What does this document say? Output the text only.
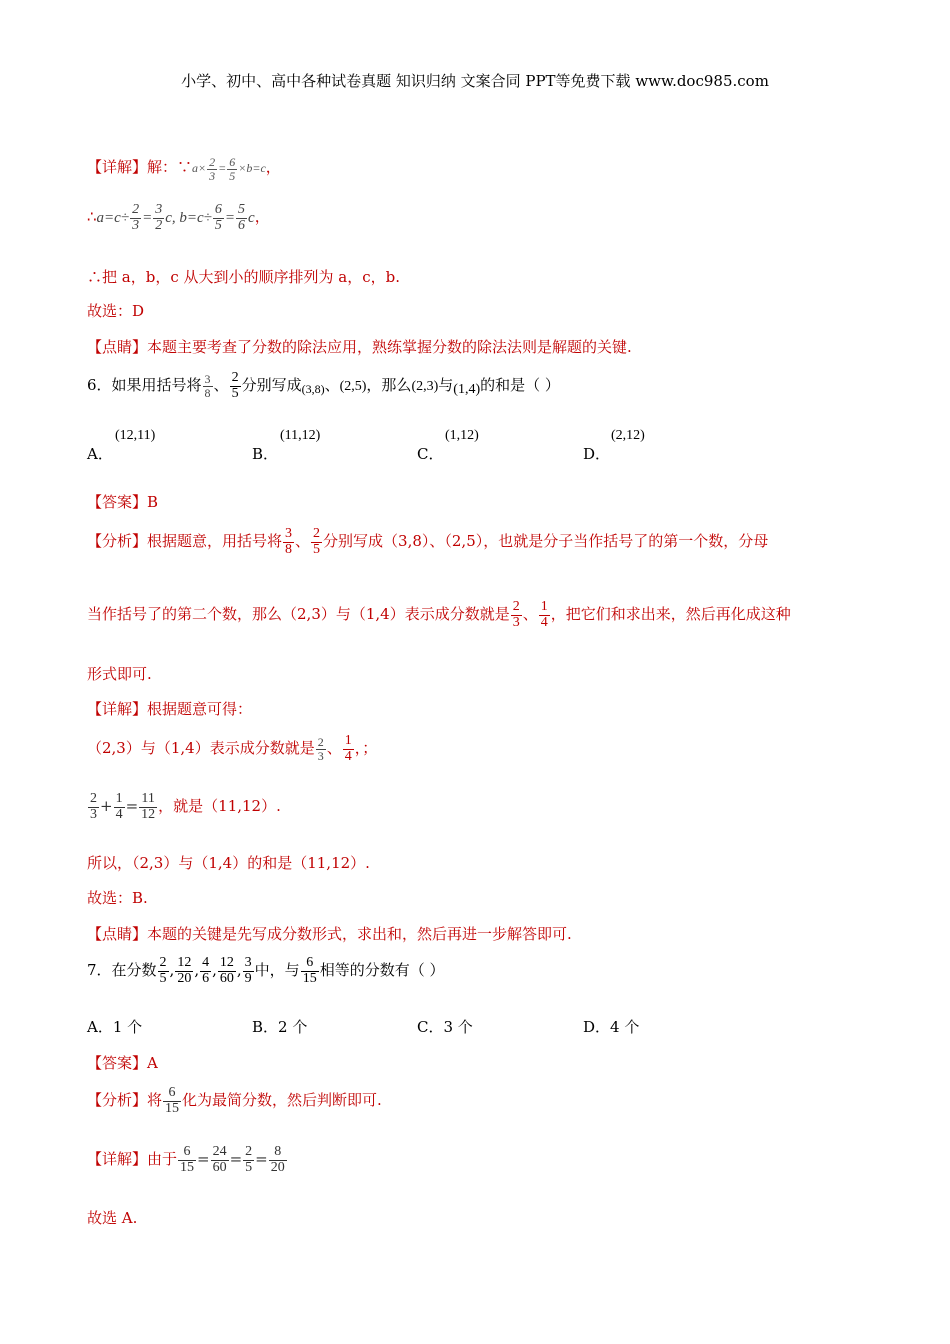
小学、初中、高中各种试卷真题 知识归纳 文案合同 PPT等免费下载 www.doc985.com
【详解】解：∵a× $\frac{2}{3} = \frac{6}{5} \times b=c$，
∴a=c÷ $\frac{2}{3} = \frac{3}{2} c$, $b=c\div \frac{6}{5} = \frac{5}{6}$ c，
∴把 a，b，c 从大到小的顺序排列为 a，c，b.
故选：D
【点睛】本题主要考查了分数的除法应用，熟练掌握分数的除法法则是解题的关键.
6．如果用括号将 $\frac{3}{8}$ 、 $\frac{2}{5}$ 分别写成$_{(3,8)}$、(2,5)，那么(2,3)与(1,4)的和是（ ）
A．
(12,11)
B．
(11,12)
C．
(1,12)
D．
(2,12)
【答案】B
【分析】根据题意，用括号将 $\frac{3}{8}$ 、 $\frac{2}{5}$ 分别写成（3,8）、（2,5），也就是分子当作括号了的第一个数，分母
当作括号了的第二个数，那么（2,3）与（1,4）表示成分数就是 $\frac{2}{3}$ 、 $\frac{1}{4}$ ，把它们和求出来，然后再化成这种
形式即可.
【详解】根据题意可得：
（2,3）与（1,4）表示成分数就是 $\frac{2}{3}$ 、 $\frac{1}{4}$ ，；
$\frac{2}{3} + \frac{1}{4} = \frac{11}{12}$ ，就是（11,12）.
所以，（2,3）与（1,4）的和是（11,12）.
故选：B.
【点睛】本题的关键是先写成分数形式，求出和，然后再进一步解答即可.
7．在分数 $\frac{2}{5}$ , $\frac{12}{20}$ , $\frac{4}{6}$ , $\frac{12}{60}$ , $\frac{3}{9}$ 中，与 $\frac{6}{15}$ 相等的分数有（ ）
A．1 个	B．2 个	C．3 个	D．4 个
【答案】A
【分析】将 $\frac{6}{15}$ 化为最简分数，然后判断即可.
【详解】由于 $\frac{6}{15} = \frac{24}{60} = \frac{2}{5} = \frac{8}{20}$
故选 A.
